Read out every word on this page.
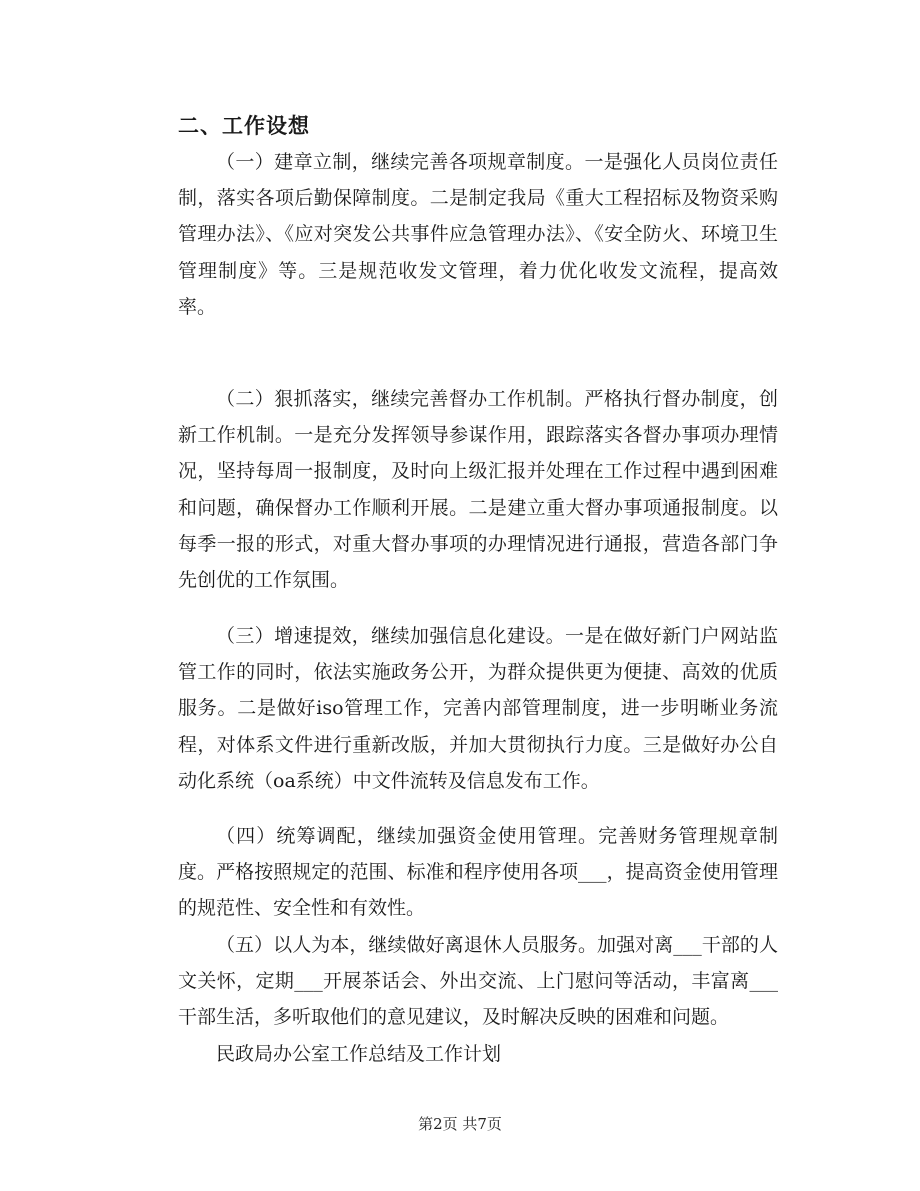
二、工作设想

（一）建章立制，继续完善各项规章制度。一是强化人员岗位责任制，落实各项后勤保障制度。二是制定我局《重大工程招标及物资采购管理办法》、《应对突发公共事件应急管理办法》、《安全防火、环境卫生管理制度》等。三是规范收发文管理，着力优化收发文流程，提高效率。

（二）狠抓落实，继续完善督办工作机制。严格执行督办制度，创新工作机制。一是充分发挥领导参谋作用，跟踪落实各督办事项办理情况，坚持每周一报制度，及时向上级汇报并处理在工作过程中遇到困难和问题，确保督办工作顺利开展。二是建立重大督办事项通报制度。以每季一报的形式，对重大督办事项的办理情况进行通报，营造各部门争先创优的工作氛围。

（三）增速提效，继续加强信息化建设。一是在做好新门户网站监管工作的同时，依法实施政务公开，为群众提供更为便捷、高效的优质服务。二是做好iso管理工作，完善内部管理制度，进一步明晰业务流程，对体系文件进行重新改版，并加大贯彻执行力度。三是做好办公自动化系统（oa系统）中文件流转及信息发布工作。

（四）统筹调配，继续加强资金使用管理。完善财务管理规章制度。严格按照规定的范围、标准和程序使用各项___，提高资金使用管理的规范性、安全性和有效性。

（五）以人为本，继续做好离退休人员服务。加强对离___干部的人文关怀，定期___开展茶话会、外出交流、上门慰问等活动，丰富离___干部生活，多听取他们的意见建议，及时解决反映的困难和问题。

民政局办公室工作总结及工作计划

第2页 共7页
